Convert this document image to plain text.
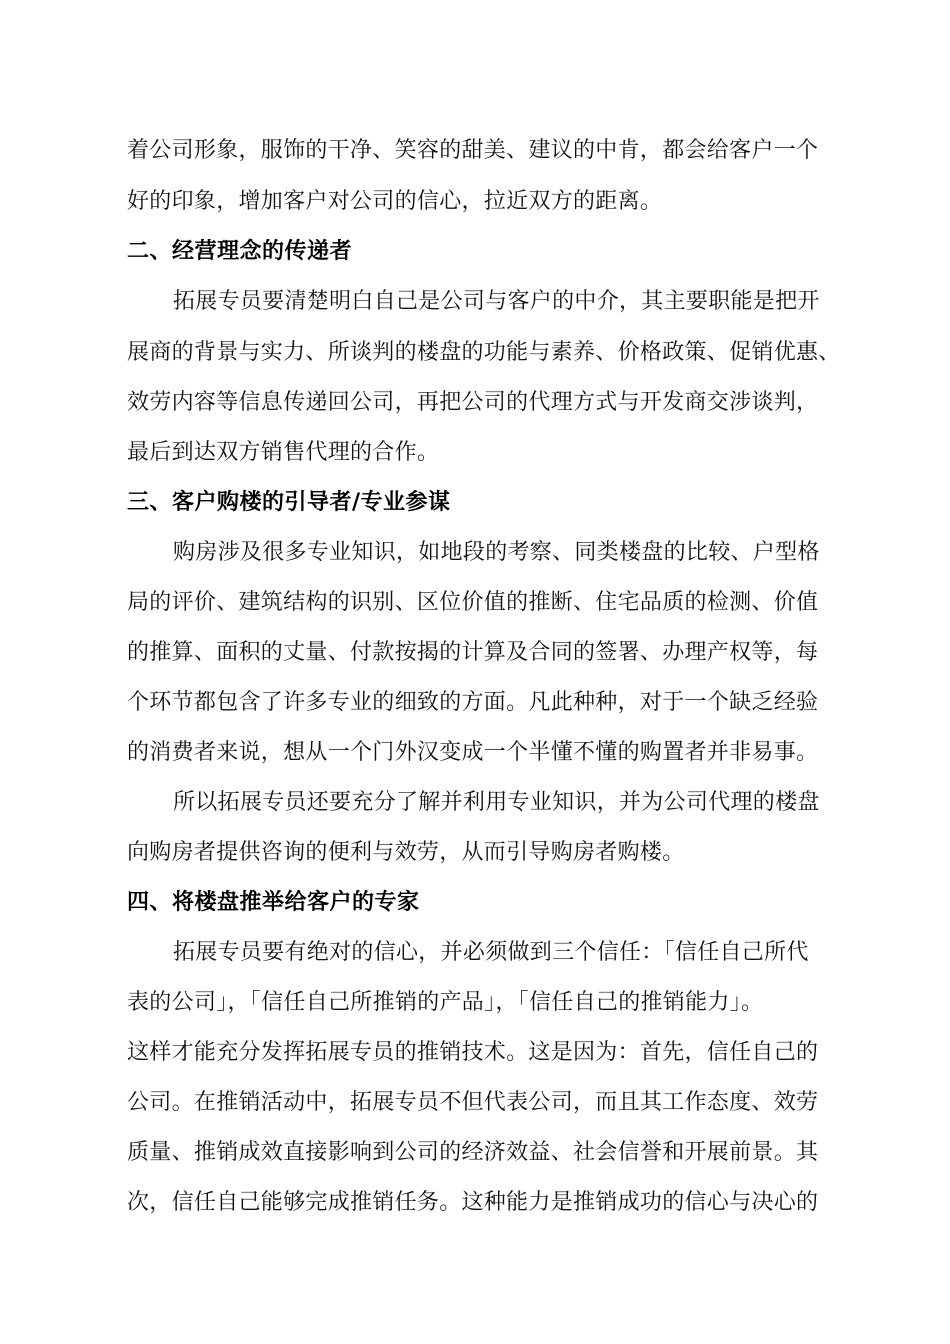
着公司形象，服饰的干净、笑容的甜美、建议的中肯，都会给客户一个
好的印象，增加客户对公司的信心，拉近双方的距离。
二、经营理念的传递者
拓展专员要清楚明白自己是公司与客户的中介，其主要职能是把开
展商的背景与实力、所谈判的楼盘的功能与素养、价格政策、促销优惠、
效劳内容等信息传递回公司，再把公司的代理方式与开发商交涉谈判，
最后到达双方销售代理的合作。
三、客户购楼的引导者/专业参谋
购房涉及很多专业知识，如地段的考察、同类楼盘的比较、户型格
局的评价、建筑结构的识别、区位价值的推断、住宅品质的检测、价值
的推算、面积的丈量、付款按揭的计算及合同的签署、办理产权等，每
个环节都包含了许多专业的细致的方面。凡此种种，对于一个缺乏经验
的消费者来说，想从一个门外汉变成一个半懂不懂的购置者并非易事。
所以拓展专员还要充分了解并利用专业知识，并为公司代理的楼盘
向购房者提供咨询的便利与效劳，从而引导购房者购楼。
四、将楼盘推举给客户的专家
拓展专员要有绝对的信心，并必须做到三个信任：「信任自己所代
表的公司」，「信任自己所推销的产品」，「信任自己的推销能力」。
这样才能充分发挥拓展专员的推销技术。这是因为：首先，信任自己的
公司。在推销活动中，拓展专员不但代表公司，而且其工作态度、效劳
质量、推销成效直接影响到公司的经济效益、社会信誉和开展前景。其
次，信任自己能够完成推销任务。这种能力是推销成功的信心与决心的
